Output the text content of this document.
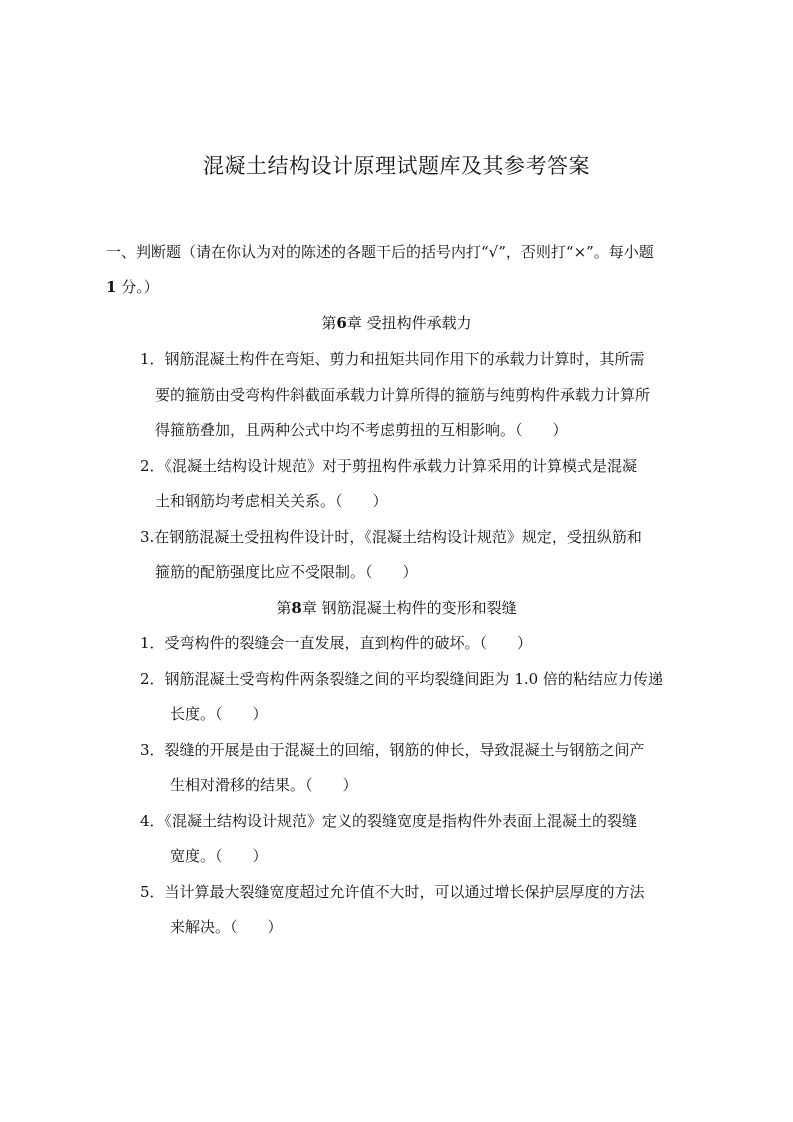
混凝土结构设计原理试题库及其参考答案
一、判断题（请在你认为对的陈述的各题干后的括号内打“√”，否则打“×”。每小题
1 分。）
第6章 受扭构件承载力
1．钢筋混凝土构件在弯矩、剪力和扭矩共同作用下的承载力计算时，其所需
要的箍筋由受弯构件斜截面承载力计算所得的箍筋与纯剪构件承载力计算所
得箍筋叠加，且两种公式中均不考虑剪扭的互相影响。（　　）
2．《混凝土结构设计规范》对于剪扭构件承载力计算采用的计算模式是混凝
土和钢筋均考虑相关关系。（　　）
3.在钢筋混凝土受扭构件设计时，《混凝土结构设计规范》规定，受扭纵筋和
箍筋的配筋强度比应不受限制。（　　）
第8章 钢筋混凝土构件的变形和裂缝
1．受弯构件的裂缝会一直发展，直到构件的破坏。（　　）
2．钢筋混凝土受弯构件两条裂缝之间的平均裂缝间距为 1.0 倍的粘结应力传递
长度。（　　）
3．裂缝的开展是由于混凝土的回缩，钢筋的伸长，导致混凝土与钢筋之间产
生相对滑移的结果。（　　）
4．《混凝土结构设计规范》定义的裂缝宽度是指构件外表面上混凝土的裂缝
宽度。（　　）
5．当计算最大裂缝宽度超过允许值不大时，可以通过增长保护层厚度的方法
来解决。（　　）
